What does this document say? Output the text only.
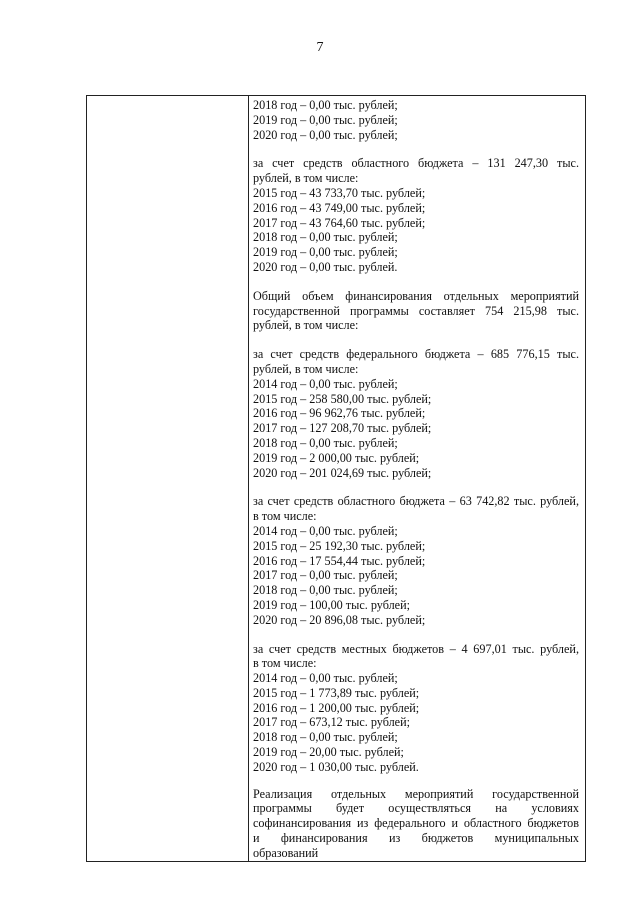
7
2018 год – 0,00 тыс. рублей;
2019 год – 0,00 тыс. рублей;
2020 год – 0,00 тыс. рублей;
за счет средств областного бюджета – 131 247,30 тыс.
рублей, в том числе:
2015 год – 43 733,70 тыс. рублей;
2016 год – 43 749,00 тыс. рублей;
2017 год – 43 764,60 тыс. рублей;
2018 год – 0,00 тыс. рублей;
2019 год – 0,00 тыс. рублей;
2020 год – 0,00 тыс. рублей.
Общий объем финансирования отдельных мероприятий
государственной программы составляет 754 215,98 тыс.
рублей, в том числе:
за счет средств федерального бюджета – 685 776,15 тыс.
рублей, в том числе:
2014 год – 0,00 тыс. рублей;
2015 год – 258 580,00 тыс. рублей;
2016 год – 96 962,76 тыс. рублей;
2017 год – 127 208,70 тыс. рублей;
2018 год – 0,00 тыс. рублей;
2019 год – 2 000,00 тыс. рублей;
2020 год – 201 024,69 тыс. рублей;
за счет средств областного бюджета – 63 742,82 тыс. рублей,
в том числе:
2014 год – 0,00 тыс. рублей;
2015 год – 25 192,30 тыс. рублей;
2016 год – 17 554,44 тыс. рублей;
2017 год – 0,00 тыс. рублей;
2018 год – 0,00 тыс. рублей;
2019 год – 100,00 тыс. рублей;
2020 год – 20 896,08 тыс. рублей;
за счет средств местных бюджетов – 4 697,01 тыс. рублей,
в том числе:
2014 год – 0,00 тыс. рублей;
2015 год – 1 773,89 тыс. рублей;
2016 год – 1 200,00 тыс. рублей;
2017 год – 673,12 тыс. рублей;
2018 год – 0,00 тыс. рублей;
2019 год – 20,00 тыс. рублей;
2020 год – 1 030,00 тыс. рублей.
Реализация отдельных мероприятий государственной
программы будет осуществляться на условиях
софинансирования из федерального и областного бюджетов
и финансирования из бюджетов муниципальных
образований
